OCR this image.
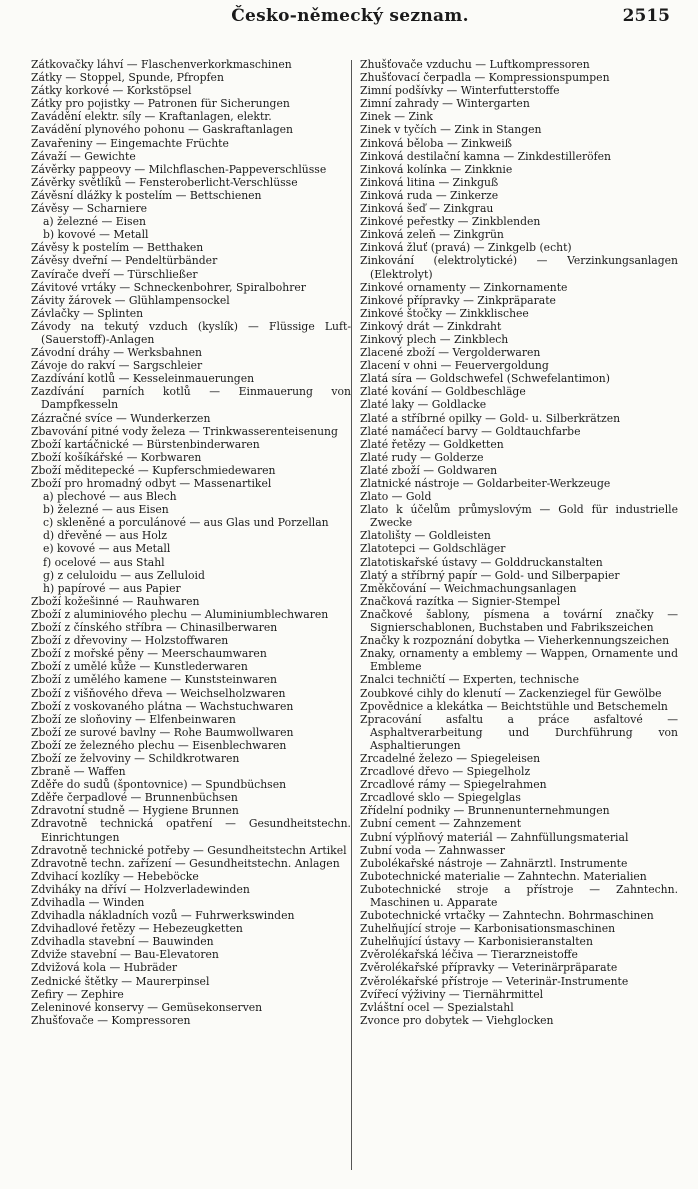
Česko-německý seznam.	2515
Zátkovačky láhví — Flaschenverkorkmaschinen
Zátky — Stoppel, Spunde, Pfropfen
Zátky korkové — Korkstöpsel
Zátky pro pojistky — Patronen für Sicherungen
Zavádění elektr. síly — Kraftanlagen, elektr.
Zavádění plynového pohonu — Gaskraftanlagen
Zavařeniny — Eingemachte Früchte
Závaží — Gewichte
Závěrky pappeovy — Milchflaschen-Pappeverschlüsse
Závěrky světlíků — Fensteroberlicht-Verschlüsse
Závěsní dlážky k postelím — Bettschienen
Závěsy — Scharniere
a) železné — Eisen
b) kovové — Metall
Závěsy k postelím — Betthaken
Závěsy dveřní — Pendeltürbänder
Zavírače dveří — Türschließer
Závitové vrtáky — Schneckenbohrer, Spiralbohrer
Závity žárovek — Glühlampensockel
Závlačky — Splinten
Závody na tekutý vzduch (kyslík) — Flüssige Luft- (Sauerstoff)-Anlagen
Závodní dráhy — Werksbahnen
Závoje do rakví — Sargschleier
Zazdívání kotlů — Kesseleinmauerungen
Zazdívání parních kotlů — Einmauerung von Dampfkesseln
Zázračné svíce — Wunderkerzen
Zbavování pitné vody železa — Trinkwasserenteisenung
Zboží kartáčnické — Bürstenbinderwaren
Zboží košíkářské — Korbwaren
Zboží měditepecké — Kupferschmiedewaren
Zboží pro hromadný odbyt — Massenartikel
a) plechové — aus Blech
b) železné — aus Eisen
c) skleněné a porculánové — aus Glas und Porzellan
d) dřevěné — aus Holz
e) kovové — aus Metall
f) ocelové — aus Stahl
g) z celuloidu — aus Zelluloid
h) papírové — aus Papier
Zboží kožešinné — Rauhwaren
Zboží z aluminiového plechu — Aluminiumblechwaren
Zboží z čínského stříbra — Chinasilberwaren
Zboží z dřevoviny — Holzstoffwaren
Zboží z mořské pěny — Meerschaumwaren
Zboží z umělé kůže — Kunstlederwaren
Zboží z umělého kamene — Kunststeinwaren
Zboží z višňového dřeva — Weichselholzwaren
Zboží z voskovaného plátna — Wachstuchwaren
Zboží ze sloňoviny — Elfenbeinwaren
Zboží ze surové bavlny — Rohe Baumwollwaren
Zboží ze železného plechu — Eisenblechwaren
Zboží ze želvoviny — Schildkrotwaren
Zbraně — Waffen
Zděře do sudů (špontovnice) — Spundbüchsen
Zděře čerpadlové — Brunnenbüchsen
Zdravotní studně — Hygiene Brunnen
Zdravotně technická opatření — Gesundheitstechn. Einrichtungen
Zdravotně technické potřeby — Gesundheitstechn Artikel
Zdravotně techn. zařízení — Gesundheitstechn. Anlagen
Zdvihací kozlíky — Hebeböcke
Zdviháky na dříví — Holzverladewinden
Zdvihadla — Winden
Zdvihadla nákladních vozů — Fuhrwerkswinden
Zdvihadlové řetězy — Hebezeugketten
Zdvihadla stavební — Bauwinden
Zdviže stavební — Bau-Elevatoren
Zdvižová kola — Hubräder
Zednické štětky — Maurerpinsel
Zefiry — Zephire
Zeleninové konservy — Gemüsekonserven
Zhušťovače — Kompressoren
Zhušťovače vzduchu — Luftkompressoren
Zhušťovací čerpadla — Kompressionspumpen
Zimní podšívky — Winterfutterstoffe
Zimní zahrady — Wintergarten
Zinek — Zink
Zinek v tyčích — Zink in Stangen
Zinková běloba — Zinkweiß
Zinková destilační kamna — Zinkdestilleröfen
Zinková kolínka — Zinkknie
Zinková litina — Zinkguß
Zinková ruda — Zinkerze
Zinková šeď — Zinkgrau
Zinkové peřestky — Zinkblenden
Zinková zeleň — Zinkgrün
Zinková žluť (pravá) — Zinkgelb (echt)
Zinkování (elektrolytické) — Verzinkungsanlagen (Elektrolyt)
Zinkové ornamenty — Zinkornamente
Zinkové přípravky — Zinkpräparate
Zinkové štočky — Zinkklischee
Zinkový drát — Zinkdraht
Zinkový plech — Zinkblech
Zlacené zboží — Vergolderwaren
Zlacení v ohni — Feuervergoldung
Zlatá síra — Goldschwefel (Schwefelantimon)
Zlaté kování — Goldbeschläge
Zlaté laky — Goldlacke
Zlaté a stříbrné opilky — Gold- u. Silberkrätzen
Zlaté namáčecí barvy — Goldtauchfarbe
Zlaté řetězy — Goldketten
Zlaté rudy — Golderze
Zlaté zboží — Goldwaren
Zlatnické nástroje — Goldarbeiter-Werkzeuge
Zlato — Gold
Zlato k účelům průmyslovým — Gold für industrielle Zwecke
Zlatolišty — Goldleisten
Zlatotepci — Goldschläger
Zlatotiskařské ústavy — Golddruckanstalten
Zlatý a stříbrný papír — Gold- und Silberpapier
Změkčování — Weichmachungsanlagen
Značková razítka — Signier-Stempel
Značkové šablony, písmena a tovární značky — Signierschablonen, Buchstaben und Fabrikszeichen
Značky k rozpoznání dobytka — Vieherkennungszeichen
Znaky, ornamenty a emblemy — Wappen, Ornamente und Embleme
Znalci techničtí — Experten, technische
Zoubkové cihly do klenutí — Zackenziegel für Gewölbe
Zpovědnice a klekátka — Beichtstühle und Betschemeln
Zpracování asfaltu a práce asfaltové — Asphaltverarbeitung und Durchführung von Asphaltierungen
Zrcadelné železo — Spiegeleisen
Zrcadlové dřevo — Spiegelholz
Zrcadlové rámy — Spiegelrahmen
Zrcadlové sklo — Spiegelglas
Zřídelní podniky — Brunnenunternehmungen
Zubní cement — Zahnzement
Zubní výplňový materiál — Zahnfüllungsmaterial
Zubní voda — Zahnwasser
Zubolékařské nástroje — Zahnärztl. Instrumente
Zubotechnické materialie — Zahntechn. Materialien
Zubotechnické stroje a přístroje — Zahntechn. Maschinen u. Apparate
Zubotechnické vrtačky — Zahntechn. Bohrmaschinen
Zuhelňující stroje — Karbonisationsmaschinen
Zuhelňující ústavy — Karbonisieranstalten
Zvěrolékařská léčiva — Tierarzneistoffe
Zvěrolékařské přípravky — Veterinärpräparate
Zvěrolékařské přístroje — Veterinär-Instrumente
Zvířecí výživiny — Tiernährmittel
Zvláštní ocel — Spezialstahl
Zvonce pro dobytek — Viehglocken
